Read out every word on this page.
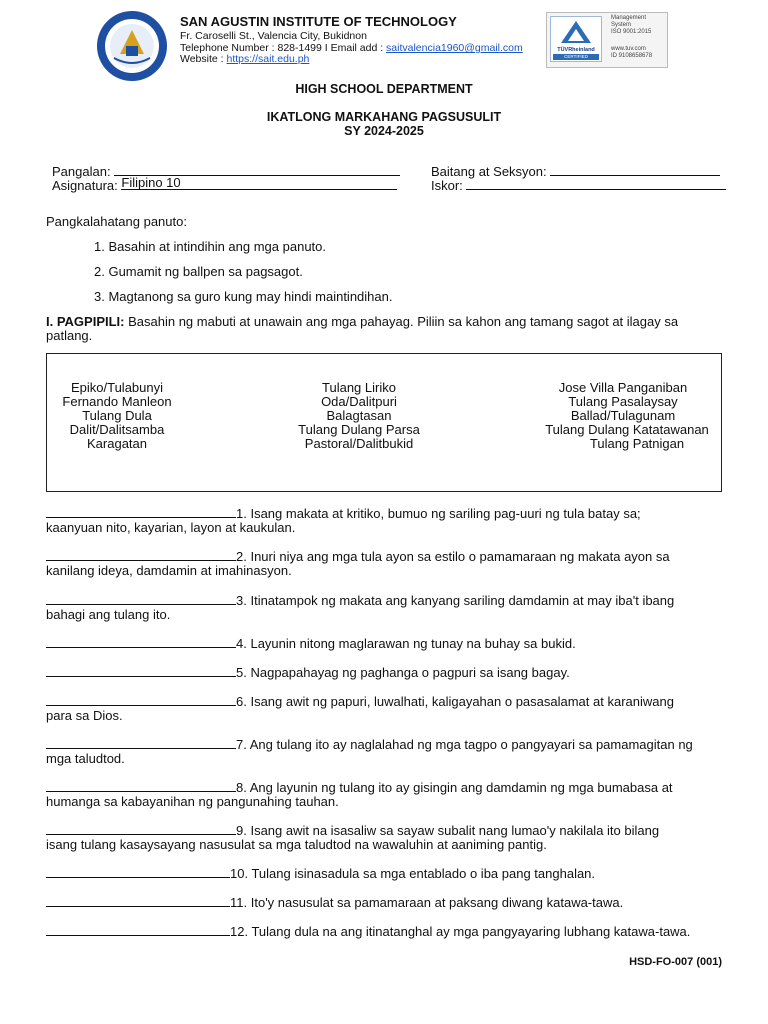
SAN AGUSTIN INSTITUTE OF TECHNOLOGY
Fr. Caroselli St., Valencia City, Bukidnon
Telephone Number : 828-1499 I Email add : saitvalencia1960@gmail.com
Website : https://sait.edu.ph
TÜVRheinland
CERTIFIED
Management
System
ISO 9001:2015
www.tuv.com
ID 9108658678
HIGH SCHOOL DEPARTMENT
IKATLONG MARKAHANG PAGSUSULIT
SY 2024-2025
Pangalan:
Asignatura: Filipino 10
Baitang at Seksyon:
Iskor:
Pangkalahatang panuto:
1. Basahin at intindihin ang mga panuto.
2. Gumamit ng ballpen sa pagsagot.
3. Magtanong sa guro kung may hindi maintindihan.
I. PAGPIPILI: Basahin ng mabuti at unawain ang mga pahayag. Piliin sa kahon ang tamang sagot at ilagay sa
patlang.
Epiko/Tulabunyi
Fernando Manleon
Tulang Dula
Dalit/Dalitsamba
Karagatan
Tulang Liriko
Oda/Dalitpuri
Balagtasan
Tulang Dulang Parsa
Pastoral/Dalitbukid
Jose Villa Panganiban
Tulang Pasalaysay
Ballad/Tulagunam
Tulang Dulang Katatawanan
Tulang Patnigan
1. Isang makata at kritiko, bumuo ng sariling pag-uuri ng tula batay sa;
kaanyuan nito, kayarian, layon at kaukulan.
2. Inuri niya ang mga tula ayon sa estilo o pamamaraan ng makata ayon sa
kanilang ideya, damdamin at imahinasyon.
3. Itinatampok ng makata ang kanyang sariling damdamin at may iba't ibang
bahagi ang tulang ito.
4. Layunin nitong maglarawan ng tunay na buhay sa bukid.
5. Nagpapahayag ng paghanga o pagpuri sa isang bagay.
6. Isang awit ng papuri, luwalhati, kaligayahan o pasasalamat at karaniwang
para sa Dios.
7. Ang tulang ito ay naglalahad ng mga tagpo o pangyayari sa pamamagitan ng
mga taludtod.
8. Ang layunin ng tulang ito ay gisingin ang damdamin ng mga bumabasa at
humanga sa kabayanihan ng pangunahing tauhan.
9. Isang awit na isasaliw sa sayaw subalit nang lumao'y nakilala ito bilang
isang tulang kasaysayang nasusulat sa mga taludtod na wawaluhin at aaniming pantig.
10. Tulang isinasadula sa mga entablado o iba pang tanghalan.
11. Ito'y nasusulat sa pamamaraan at paksang diwang katawa-tawa.
12. Tulang dula na ang itinatanghal ay mga pangyayaring lubhang katawa-tawa.
HSD-FO-007 (001)
